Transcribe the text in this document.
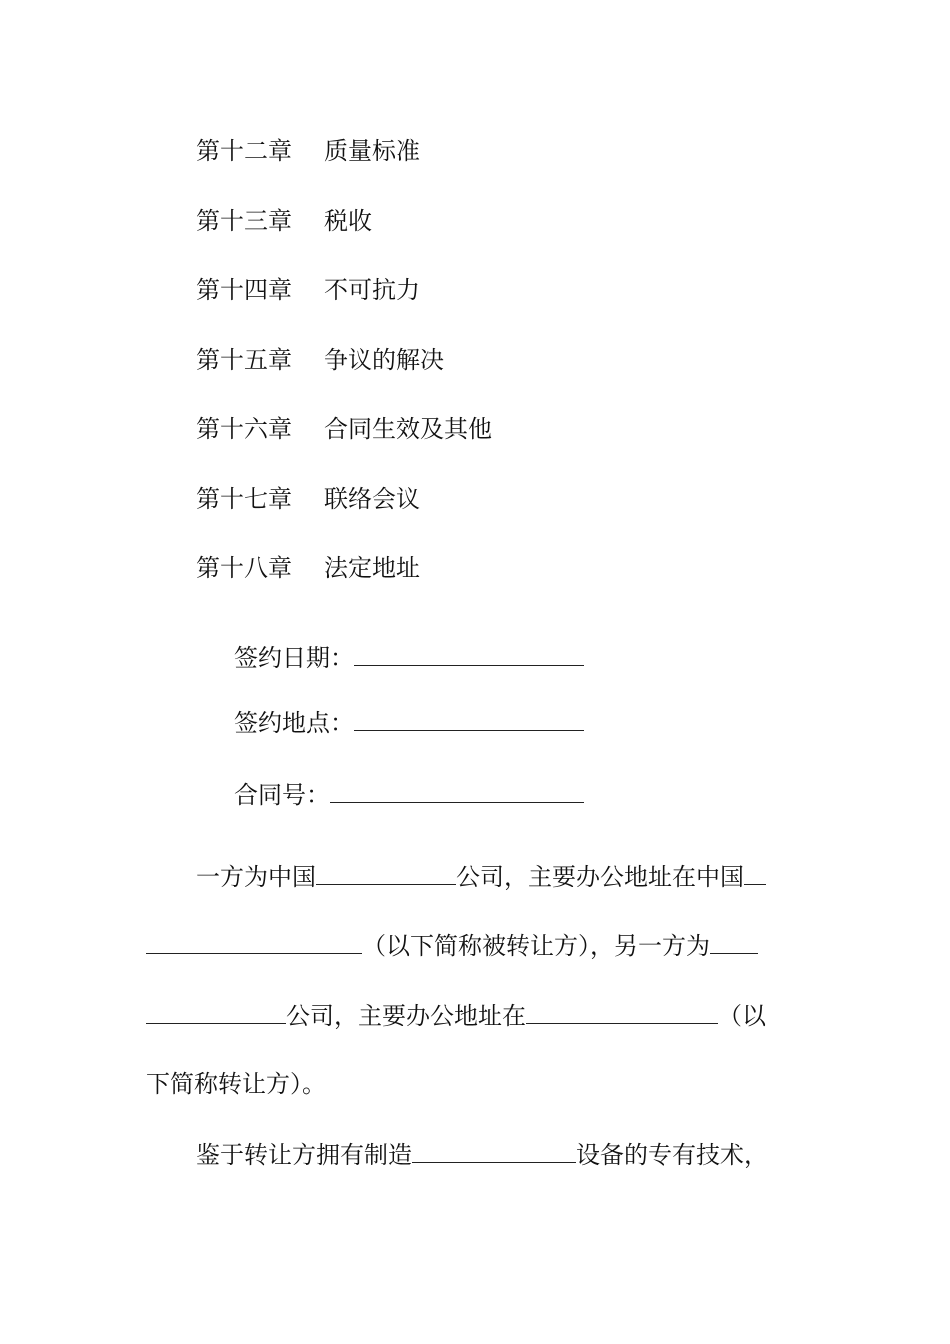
第十二章 质量标准
第十三章 税收
第十四章 不可抗力
第十五章 争议的解决
第十六章 合同生效及其他
第十七章 联络会议
第十八章 法定地址
签约日期：
签约地点：
合同号：
一方为中国	公司，主要办公地址在中国
（以下简称被转让方），另一方为
公司，主要办公地址在	（以
下简称转让方）。
鉴于转让方拥有制造	设备的专有技术，
